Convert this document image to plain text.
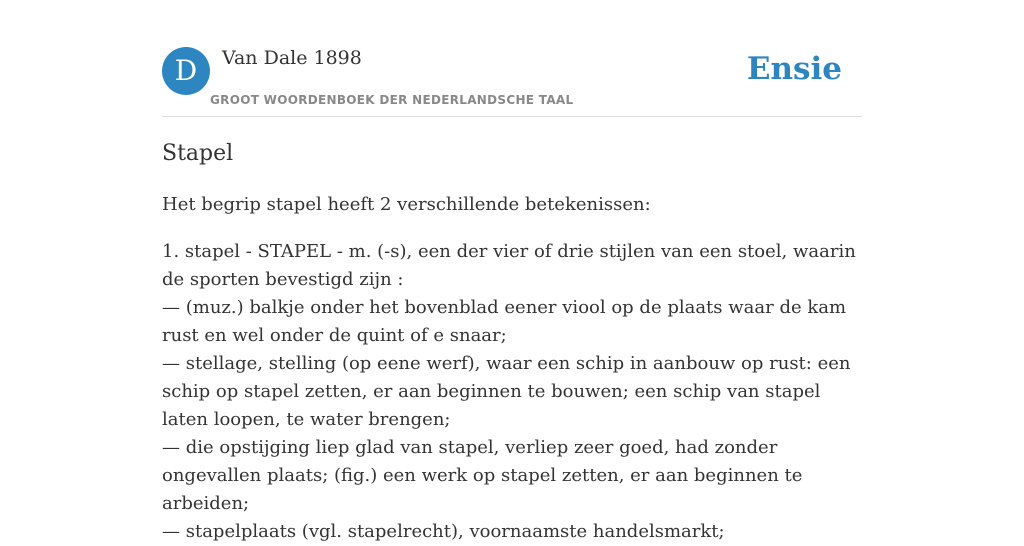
D	Van Dale 1898
GROOT WOORDENBOEK DER NEDERLANDSCHE TAAL
Ensie
Stapel

Het begrip stapel heeft 2 verschillende betekenissen:

1. stapel - STAPEL - m. (-s), een der vier of drie stijlen van een stoel, waarin de sporten bevestigd zijn :
— (muz.) balkje onder het bovenblad eener viool op de plaats waar de kam rust en wel onder de quint of e snaar;
— stellage, stelling (op eene werf), waar een schip in aanbouw op rust: een schip op stapel zetten, er aan beginnen te bouwen; een schip van stapel laten loopen, te water brengen;
— die opstijging liep glad van stapel, verliep zeer goed, had zonder ongevallen plaats; (fig.) een werk op stapel zetten, er aan beginnen te arbeiden;
— stapelplaats (vgl. stapelrecht), voornaamste handelsmarkt;
